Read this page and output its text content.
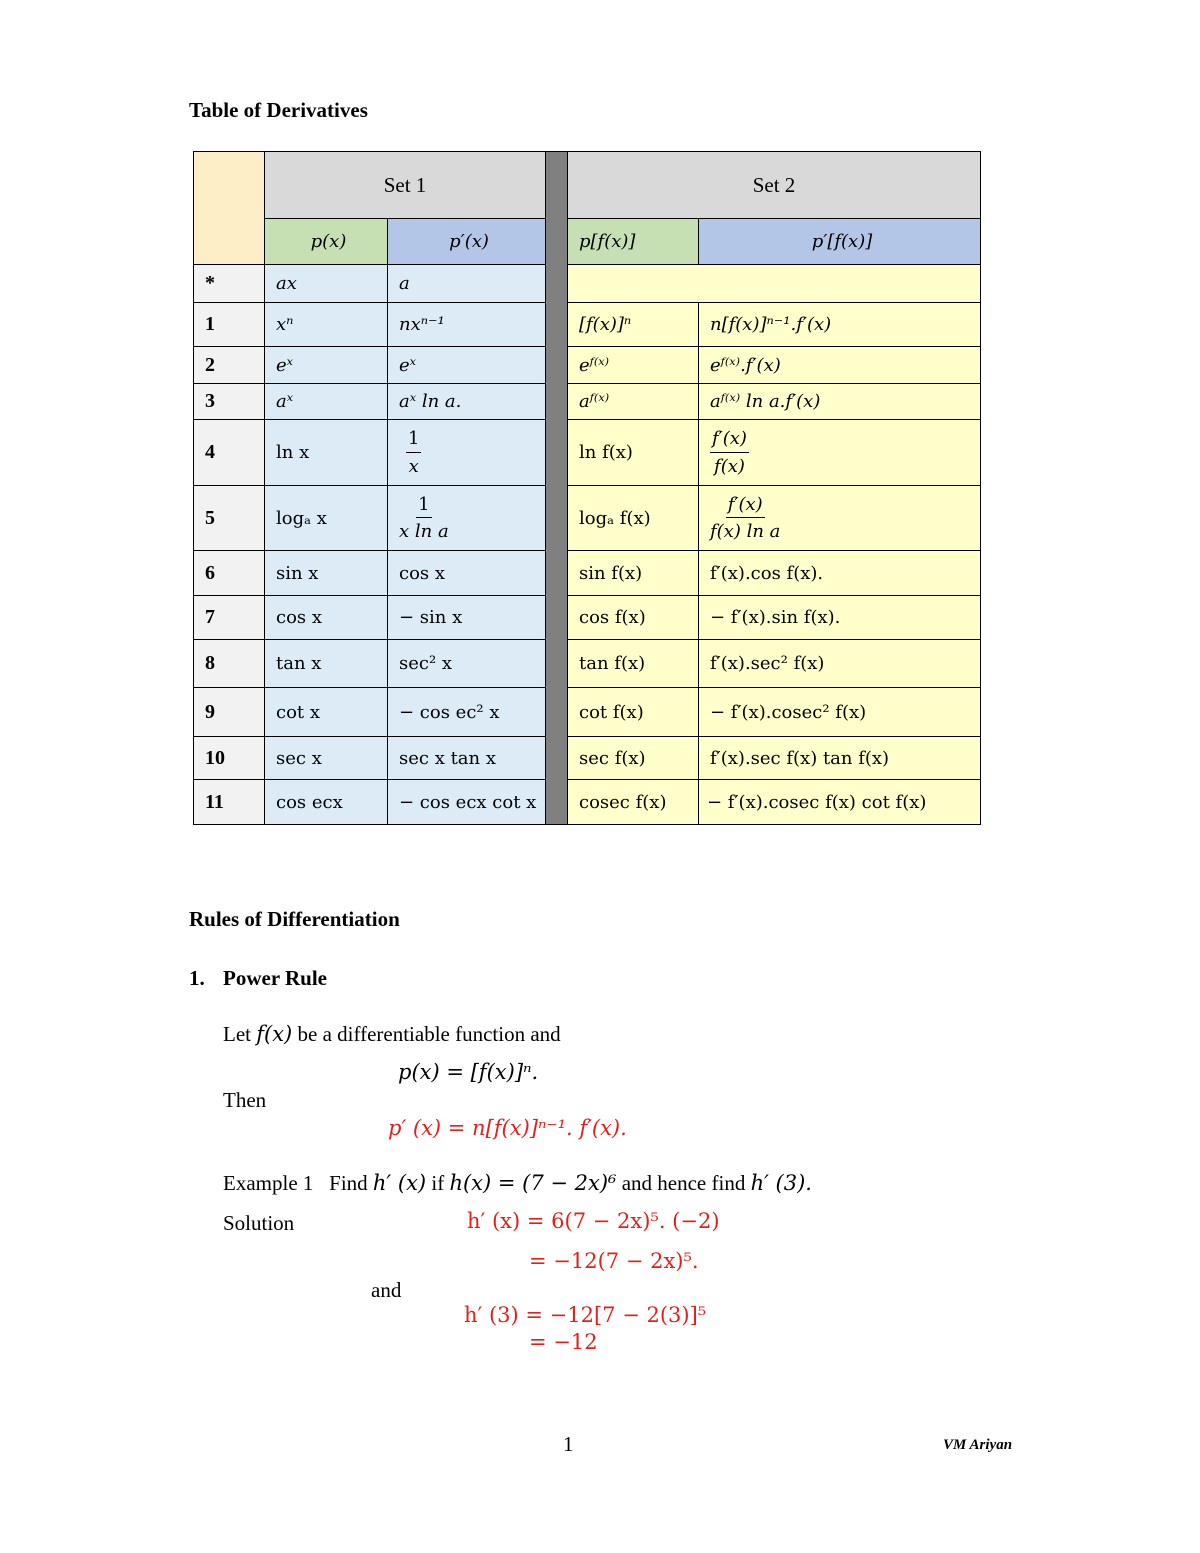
Table of Derivatives
	Set 1			Set 2	
	p(x)	p′(x)		p[f(x)]	p′[f(x)]
*	ax	a			
1	xⁿ	nxⁿ⁻¹		[f(x)]ⁿ	n[f(x)]ⁿ⁻¹.f′(x)
2	eˣ	eˣ		eᶠ⁽ˣ⁾	eᶠ⁽ˣ⁾.f′(x)
3	aˣ	aˣ ln a.		aᶠ⁽ˣ⁾	aᶠ⁽ˣ⁾ ln a.f′(x)
4	ln x	$\frac{1}{x}$		ln f(x)	$\frac{f'(x)}{f(x)}$

5	logₐ x	$\frac{1}{\text{x ln a}}$		logₐ f(x)	$\frac{f'(x)}{\text{f(x) ln a}}$

6	sin x	cos x		sin f(x)	f′(x).cos f(x).
7	cos x	− sin x		cos f(x)	− f′(x).sin f(x).
8	tan x	sec² x		tan f(x)	f′(x).sec² f(x)
9	cot x	− cos ec² x		cot f(x)	− f′(x).cosec² f(x)
10	sec x	sec x tan x		sec f(x)	f′(x).sec f(x) tan f(x)
11	cos ecx	− cos ecx cot x		cosec f(x)	− f′(x).cosec f(x) cot f(x)
Rules of Differentiation
1. Power Rule
Let f(x) be a differentiable function and
p(x) = [f(x)]ⁿ.
Then
p′ (x) = n[f(x)]ⁿ⁻¹. f′(x).
Example 1 Find h′ (x) if h(x) = (7 − 2x)⁶ and hence find h′ (3).
Solution	h′ (x) = 6(7 − 2x)⁵. (−2)
= −12(7 − 2x)⁵.
and
h′ (3) = −12[7 − 2(3)]⁵
= −12
1	VM Ariyan
